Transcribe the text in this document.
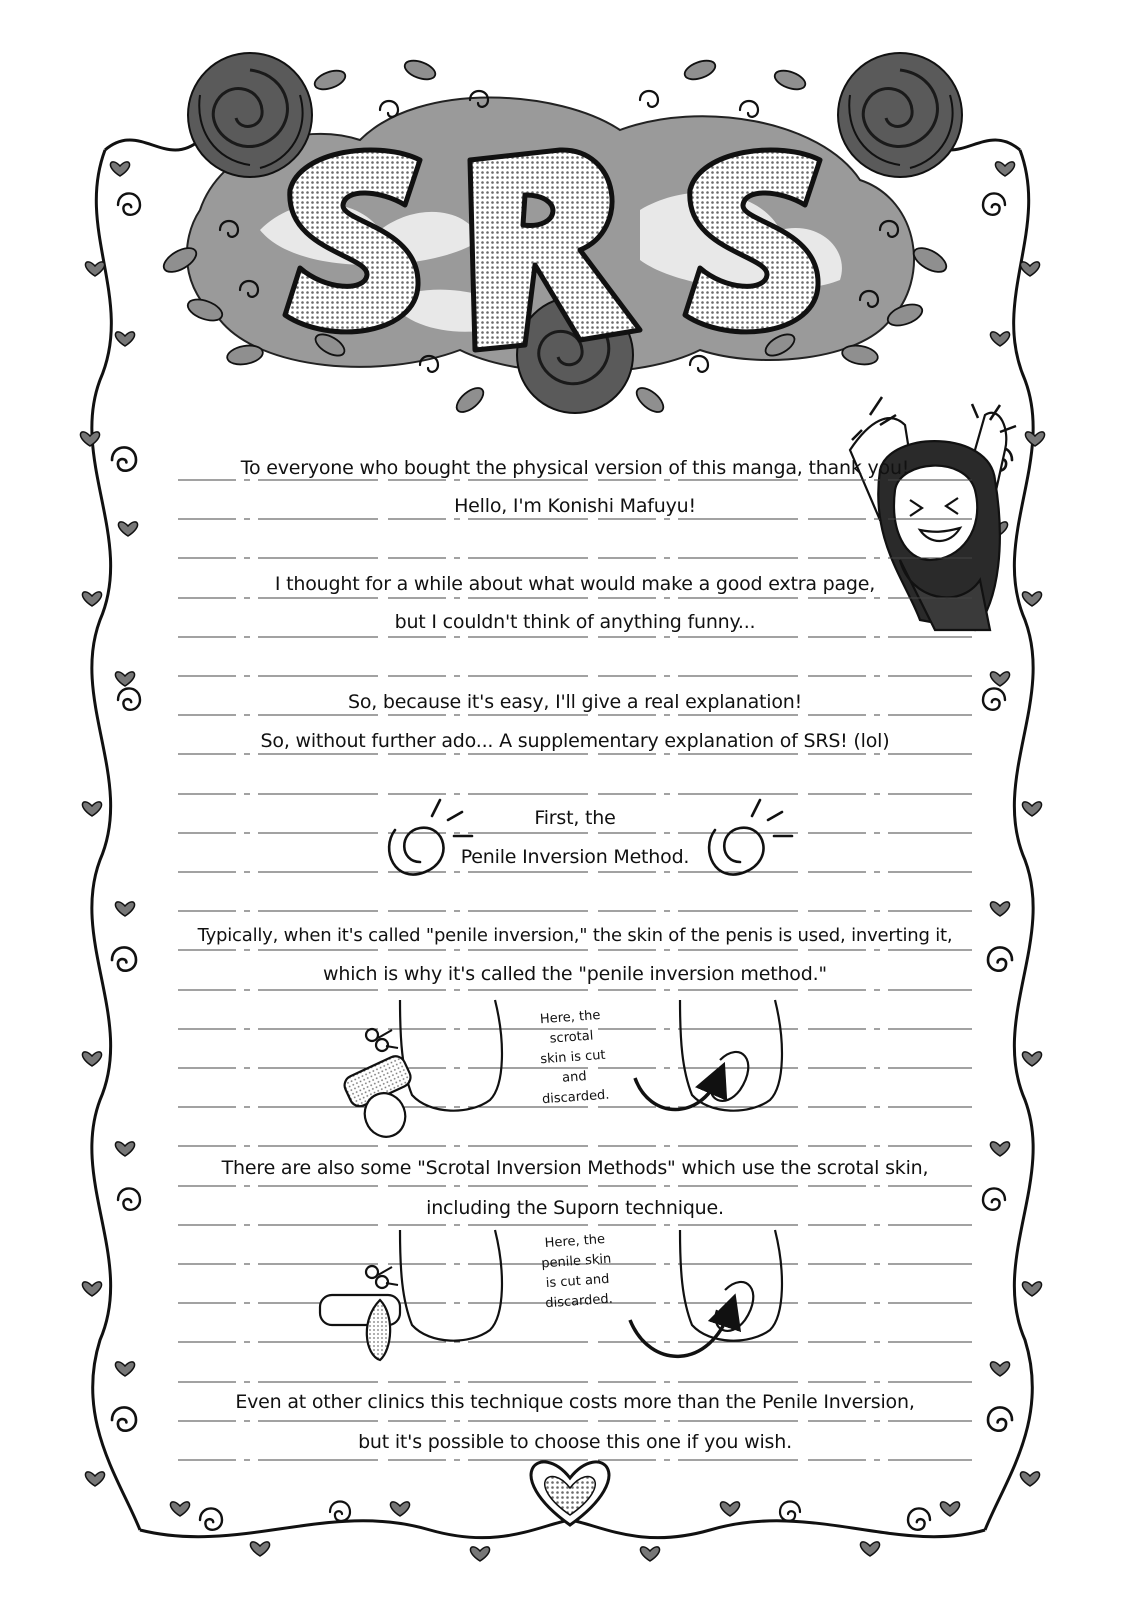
To everyone who bought the physical version of this manga, thank you!
Hello, I'm Konishi Mafuyu!
I thought for a while about what would make a good extra page,
but I couldn't think of anything funny...
So, because it's easy, I'll give a real explanation!
So, without further ado... A supplementary explanation of SRS! (lol)
First, the
Penile Inversion Method.
Typically, when it's called "penile inversion," the skin of the penis is used, inverting it,
which is why it's called the "penile inversion method."
There are also some "Scrotal Inversion Methods" which use the scrotal skin,
including the Suporn technique.
Even at other clinics this technique costs more than the Penile Inversion,
but it's possible to choose this one if you wish.
Here, the
scrotal
skin is cut
and
discarded.
Here, the
penile skin
is cut and
discarded.
